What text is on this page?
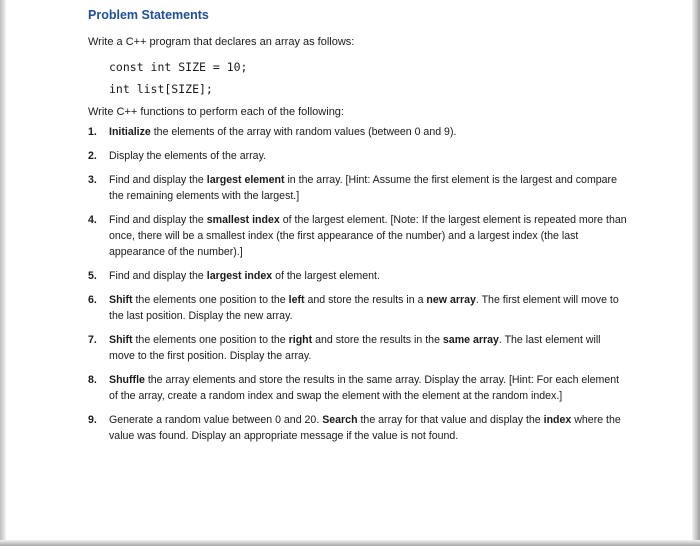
Problem Statements

Write a C++ program that declares an array as follows:

const int SIZE = 10;
int list[SIZE];

Write C++ functions to perform each of the following:

1. Initialize the elements of the array with random values (between 0 and 9).
2. Display the elements of the array.
3. Find and display the largest element in the array. [Hint: Assume the first element is the largest and compare the remaining elements with the largest.]
4. Find and display the smallest index of the largest element. [Note: If the largest element is repeated more than once, there will be a smallest index (the first appearance of the number) and a largest index (the last appearance of the number).]
5. Find and display the largest index of the largest element.
6. Shift the elements one position to the left and store the results in a new array. The first element will move to the last position. Display the new array.
7. Shift the elements one position to the right and store the results in the same array. The last element will move to the first position. Display the array.
8. Shuffle the array elements and store the results in the same array. Display the array. [Hint: For each element of the array, create a random index and swap the element with the element at the random index.]
9. Generate a random value between 0 and 20. Search the array for that value and display the index where the value was found. Display an appropriate message if the value is not found.
